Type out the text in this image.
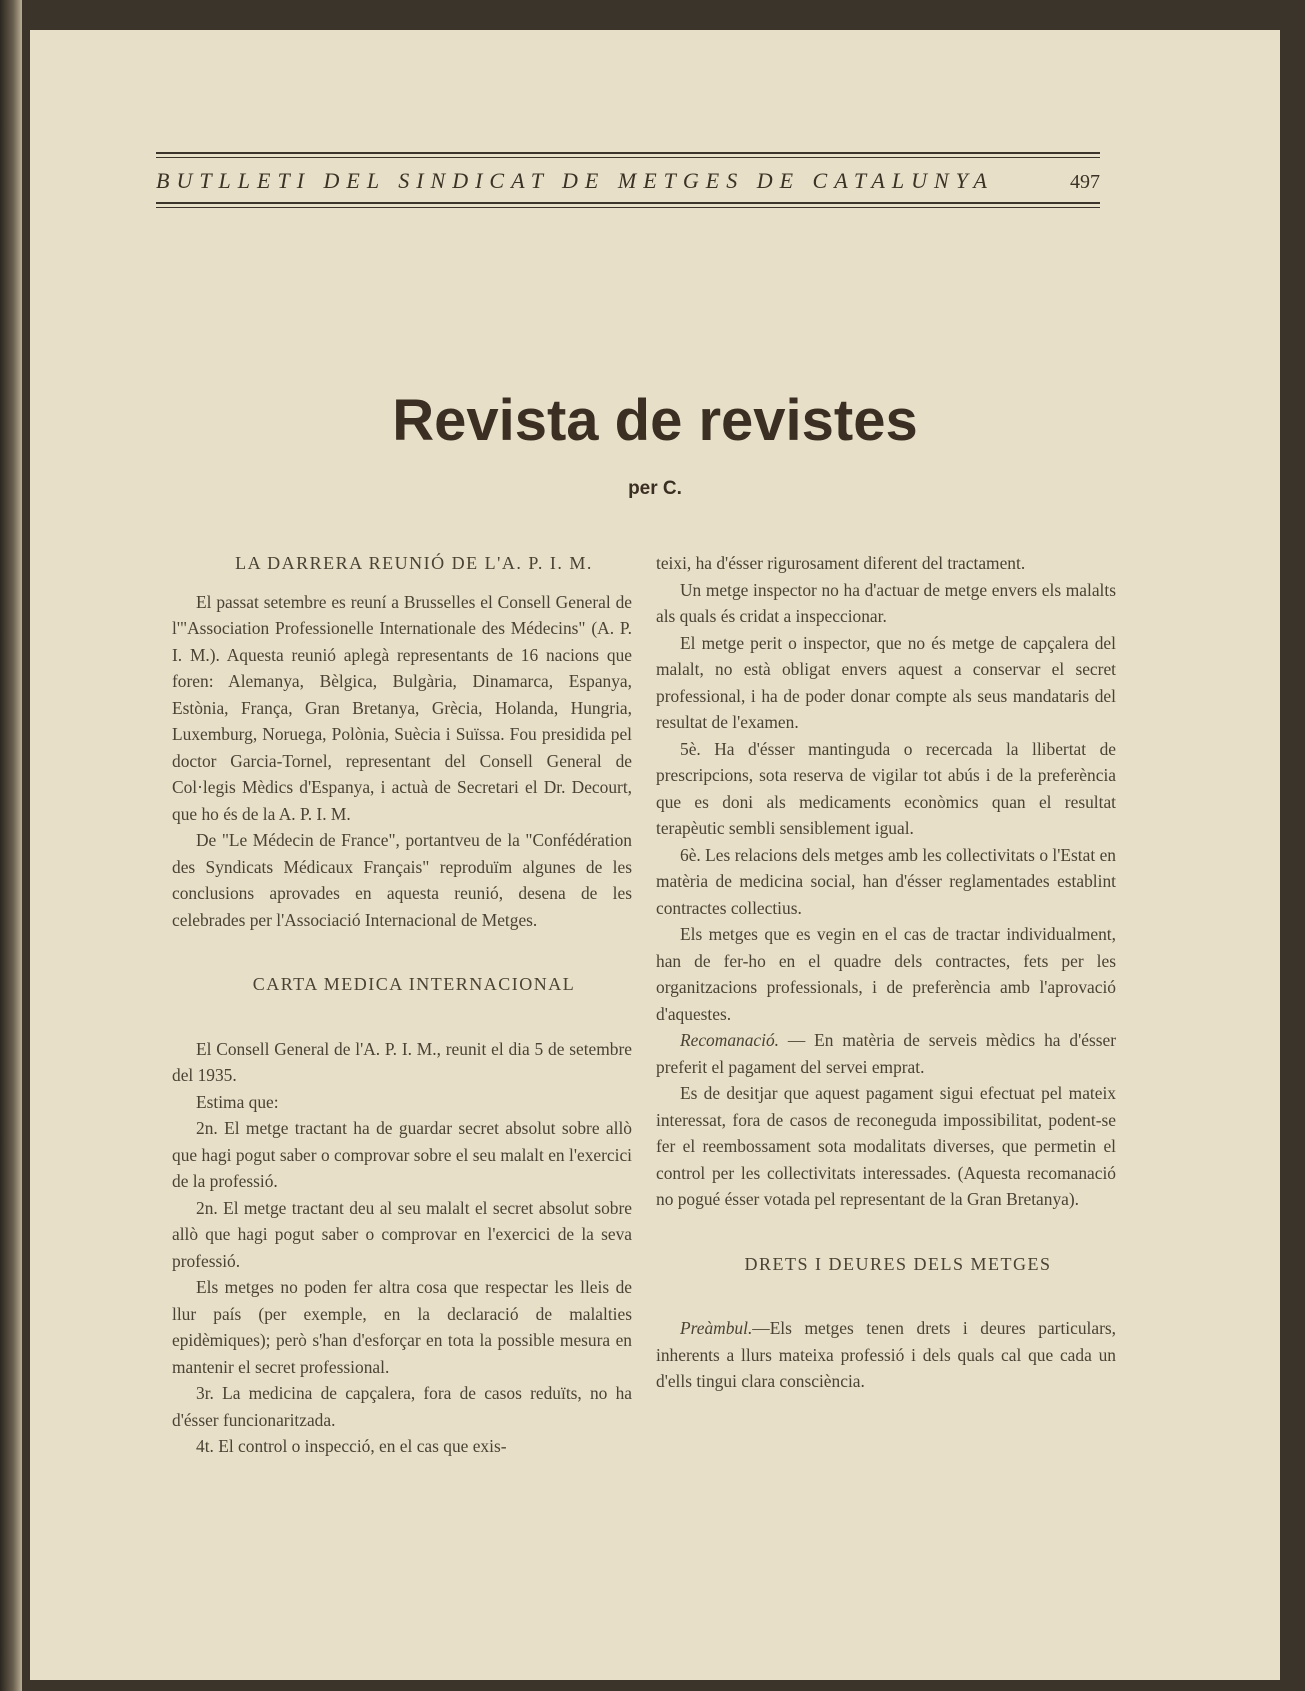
BUTLLETI DEL SINDICAT DE METGES DE CATALUNYA	497
Revista de revistes
per C.

LA DARRERA REUNIÓ DE L'A. P. I. M.

El passat setembre es reuní a Brusselles el Consell General de l'"Association Professionelle Internationale des Médecins" (A. P. I. M.). Aquesta reunió aplegà representants de 16 nacions que foren: Alemanya, Bèlgica, Bulgària, Dinamarca, Espanya, Estònia, França, Gran Bretanya, Grècia, Holanda, Hungria, Luxemburg, Noruega, Polònia, Suècia i Suïssa. Fou presidida pel doctor Garcia-Tornel, representant del Consell General de Col·legis Mèdics d'Espanya, i actuà de Secretari el Dr. Decourt, que ho és de la A. P. I. M.

De "Le Médecin de France", portantveu de la "Confédération des Syndicats Médicaux Français" reproduïm algunes de les conclusions aprovades en aquesta reunió, desena de les celebrades per l'Associació Internacional de Metges.

CARTA MEDICA INTERNACIONAL

El Consell General de l'A. P. I. M., reunit el dia 5 de setembre del 1935.

Estima que:

2n. El metge tractant ha de guardar secret absolut sobre allò que hagi pogut saber o comprovar sobre el seu malalt en l'exercici de la professió.

2n. El metge tractant deu al seu malalt el secret absolut sobre allò que hagi pogut saber o comprovar en l'exercici de la seva professió.

Els metges no poden fer altra cosa que respectar les lleis de llur país (per exemple, en la declaració de malalties epidèmiques); però s'han d'esforçar en tota la possible mesura en mantenir el secret professional.

3r. La medicina de capçalera, fora de casos reduïts, no ha d'ésser funcionaritzada.

4t. El control o inspecció, en el cas que exis-

teixi, ha d'ésser rigurosament diferent del tractament.

Un metge inspector no ha d'actuar de metge envers els malalts als quals és cridat a inspeccionar.

El metge perit o inspector, que no és metge de capçalera del malalt, no està obligat envers aquest a conservar el secret professional, i ha de poder donar compte als seus mandataris del resultat de l'examen.

5è. Ha d'ésser mantinguda o recercada la llibertat de prescripcions, sota reserva de vigilar tot abús i de la preferència que es doni als medicaments econòmics quan el resultat terapèutic sembli sensiblement igual.

6è. Les relacions dels metges amb les collectivitats o l'Estat en matèria de medicina social, han d'ésser reglamentades establint contractes collectius.

Els metges que es vegin en el cas de tractar individualment, han de fer-ho en el quadre dels contractes, fets per les organitzacions professionals, i de preferència amb l'aprovació d'aquestes.

Recomanació. — En matèria de serveis mèdics ha d'ésser preferit el pagament del servei emprat.

Es de desitjar que aquest pagament sigui efectuat pel mateix interessat, fora de casos de reconeguda impossibilitat, podent-se fer el reembossament sota modalitats diverses, que permetin el control per les collectivitats interessades. (Aquesta recomanació no pogué ésser votada pel representant de la Gran Bretanya).

DRETS I DEURES DELS METGES

Preàmbul.—Els metges tenen drets i deures particulars, inherents a llurs mateixa professió i dels quals cal que cada un d'ells tingui clara consciència.
